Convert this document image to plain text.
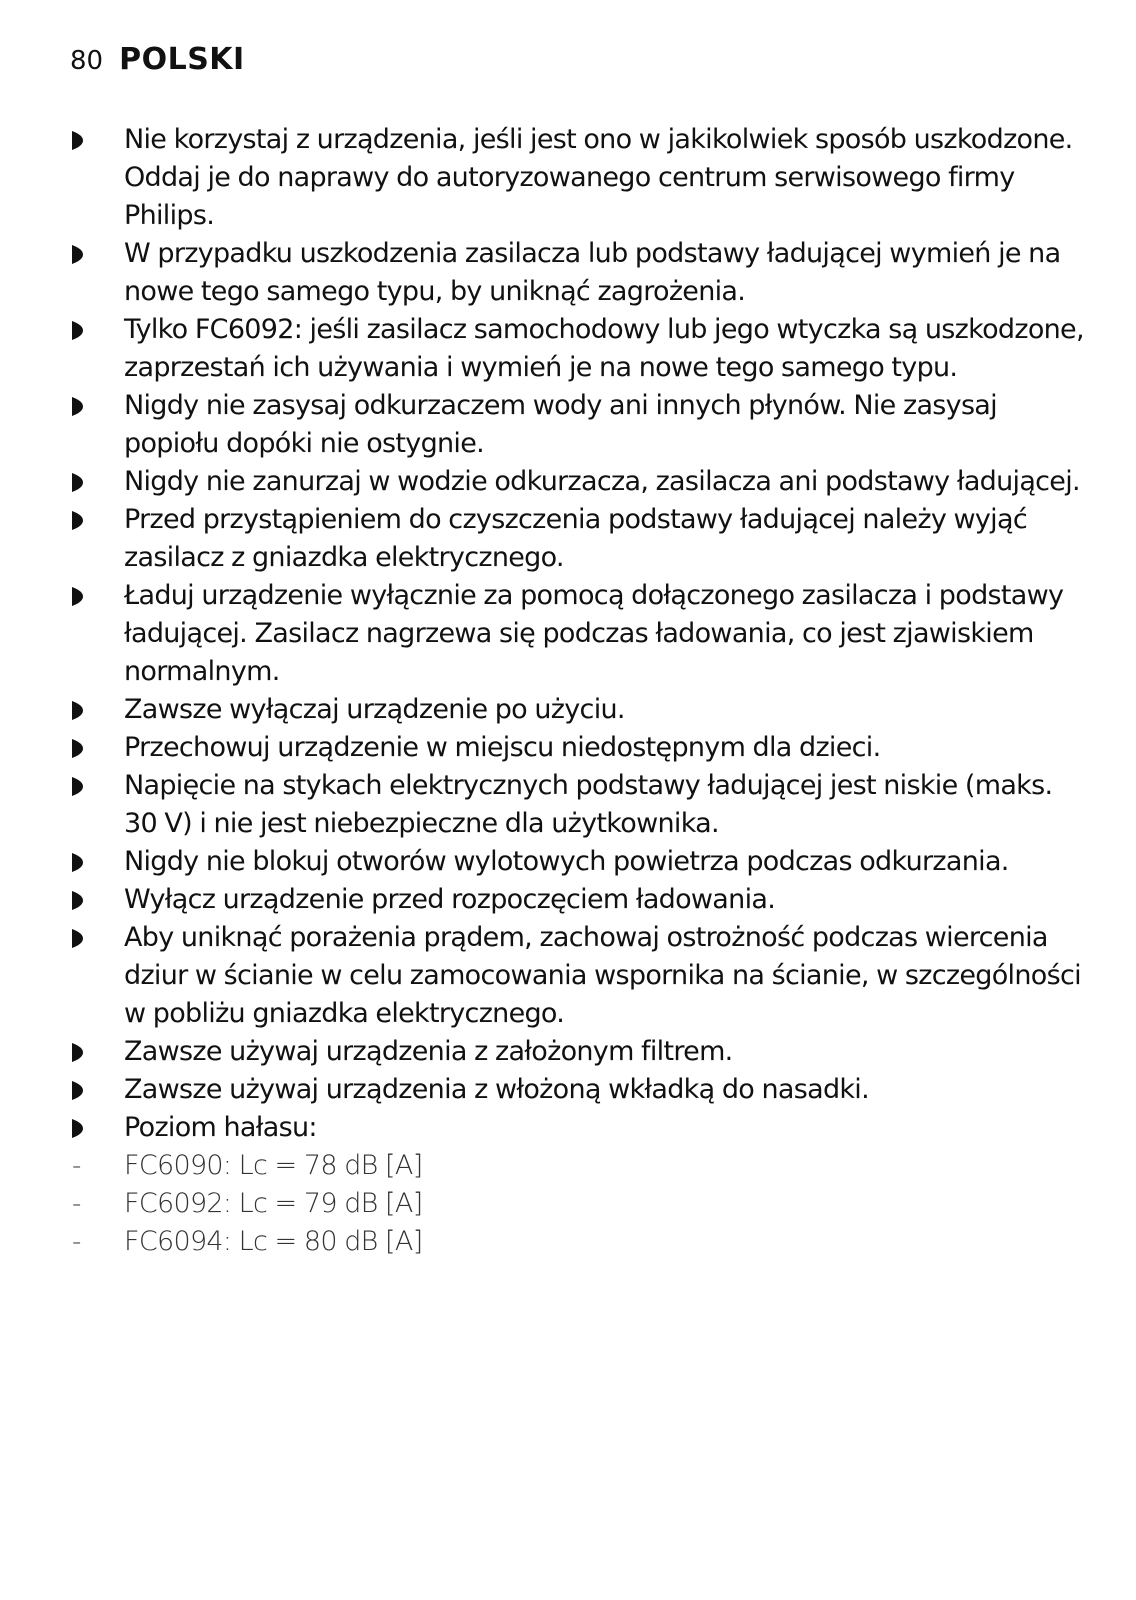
80 POLSKI
Nie korzystaj z urządzenia, jeśli jest ono w jakikolwiek sposób uszkodzone. Oddaj je do naprawy do autoryzowanego centrum serwisowego firmy Philips.
W przypadku uszkodzenia zasilacza lub podstawy ładującej wymień je na nowe tego samego typu, by uniknąć zagrożenia.
Tylko FC6092: jeśli zasilacz samochodowy lub jego wtyczka są uszkodzone, zaprzestań ich używania i wymień je na nowe tego samego typu.
Nigdy nie zasysaj odkurzaczem wody ani innych płynów. Nie zasysaj popiołu dopóki nie ostygnie.
Nigdy nie zanurzaj w wodzie odkurzacza, zasilacza ani podstawy ładującej.
Przed przystąpieniem do czyszczenia podstawy ładującej należy wyjąć zasilacz z gniazdka elektrycznego.
Ładuj urządzenie wyłącznie za pomocą dołączonego zasilacza i podstawy ładującej. Zasilacz nagrzewa się podczas ładowania, co jest zjawiskiem normalnym.
Zawsze wyłączaj urządzenie po użyciu.
Przechowuj urządzenie w miejscu niedostępnym dla dzieci.
Napięcie na stykach elektrycznych podstawy ładującej jest niskie (maks. 30 V) i nie jest niebezpieczne dla użytkownika.
Nigdy nie blokuj otworów wylotowych powietrza podczas odkurzania.
Wyłącz urządzenie przed rozpoczęciem ładowania.
Aby uniknąć porażenia prądem, zachowaj ostrożność podczas wiercenia dziur w ścianie w celu zamocowania wspornika na ścianie, w szczególności w pobliżu gniazdka elektrycznego.
Zawsze używaj urządzenia z założonym filtrem.
Zawsze używaj urządzenia z włożoną wkładką do nasadki.
Poziom hałasu:
- FC6090: Lc = 78 dB [A]
- FC6092: Lc = 79 dB [A]
- FC6094: Lc = 80 dB [A]
